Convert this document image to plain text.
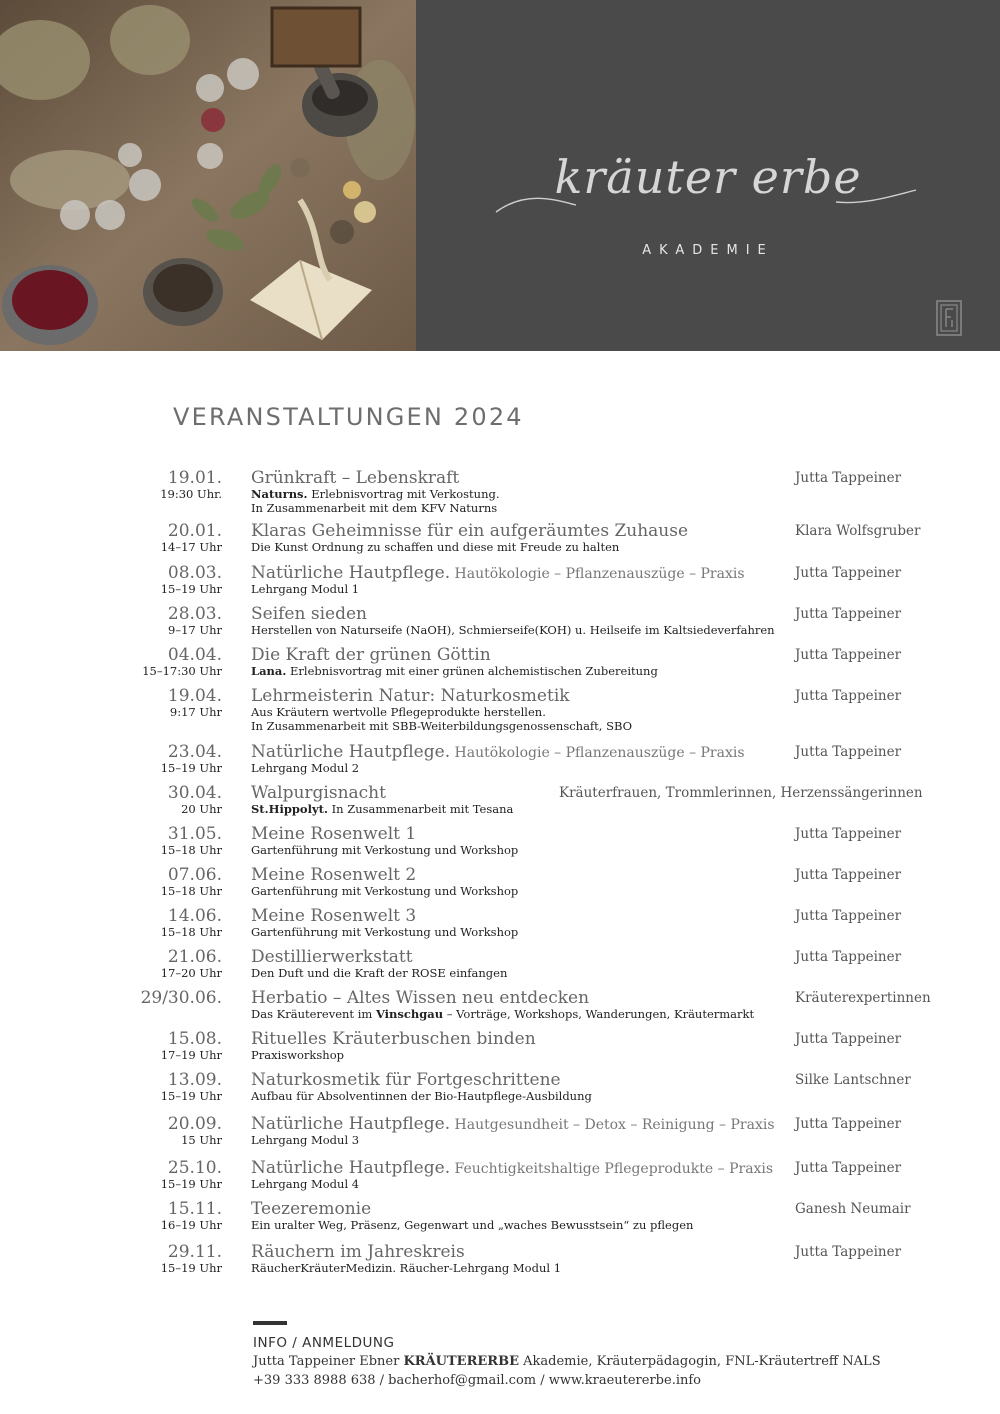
kräuter erbe
AKADEMIE
VERANSTALTUNGEN 2024
19.01.
19:30 Uhr.
Grünkraft – Lebenskraft
Naturns. Erlebnisvortrag mit Verkostung.
In Zusammenarbeit mit dem KFV Naturns
Jutta Tappeiner
20.01.
14–17 Uhr
Klaras Geheimnisse für ein aufgeräumtes Zuhause
Die Kunst Ordnung zu schaffen und diese mit Freude zu halten
Klara Wolfsgruber
08.03.
15–19 Uhr
Natürliche Hautpflege. Hautökologie – Pflanzenauszüge – Praxis
Lehrgang Modul 1
Jutta Tappeiner
28.03.
9–17 Uhr
Seifen sieden
Herstellen von Naturseife (NaOH), Schmierseife(KOH) u. Heilseife im Kaltsiedeverfahren
Jutta Tappeiner
04.04.
15–17:30 Uhr
Die Kraft der grünen Göttin
Lana. Erlebnisvortrag mit einer grünen alchemistischen Zubereitung
Jutta Tappeiner
19.04.
9:17 Uhr
Lehrmeisterin Natur: Naturkosmetik
Aus Kräutern wertvolle Pflegeprodukte herstellen.
In Zusammenarbeit mit SBB-Weiterbildungsgenossenschaft, SBO
Jutta Tappeiner
23.04.
15–19 Uhr
Natürliche Hautpflege. Hautökologie – Pflanzenauszüge – Praxis
Lehrgang Modul 2
Jutta Tappeiner
30.04.
20 Uhr
Walpurgisnacht
St.Hippolyt. In Zusammenarbeit mit Tesana
Kräuterfrauen, Trommlerinnen, Herzenssängerinnen
31.05.
15–18 Uhr
Meine Rosenwelt 1
Gartenführung mit Verkostung und Workshop
Jutta Tappeiner
07.06.
15–18 Uhr
Meine Rosenwelt 2
Gartenführung mit Verkostung und Workshop
Jutta Tappeiner
14.06.
15–18 Uhr
Meine Rosenwelt 3
Gartenführung mit Verkostung und Workshop
Jutta Tappeiner
21.06.
17–20 Uhr
Destillierwerkstatt
Den Duft und die Kraft der ROSE einfangen
Jutta Tappeiner
29/30.06. Herbatio – Altes Wissen neu entdecken
Das Kräuterevent im Vinschgau – Vorträge, Workshops, Wanderungen, Kräutermarkt
Kräuterexpertinnen
15.08.
17–19 Uhr
Rituelles Kräuterbuschen binden
Praxisworkshop
Jutta Tappeiner
13.09.
15–19 Uhr
Naturkosmetik für Fortgeschrittene
Aufbau für Absolventinnen der Bio-Hautpflege-Ausbildung
Silke Lantschner
20.09.
15 Uhr
Natürliche Hautpflege. Hautgesundheit – Detox – Reinigung – Praxis
Lehrgang Modul 3
Jutta Tappeiner
25.10.
15–19 Uhr
Natürliche Hautpflege. Feuchtigkeitshaltige Pflegeprodukte – Praxis
Lehrgang Modul 4
Jutta Tappeiner
15.11.
16–19 Uhr
Teezeremonie
Ein uralter Weg, Präsenz, Gegenwart und „waches Bewusstsein“ zu pflegen
Ganesh Neumair
29.11.
15–19 Uhr
Räuchern im Jahreskreis
RäucherKräuterMedizin. Räucher-Lehrgang Modul 1
Jutta Tappeiner
INFO / ANMELDUNG
Jutta Tappeiner Ebner KRÄUTERERBE Akademie, Kräuterpädagogin, FNL-Kräutertreff NALS
+39 333 8988 638 / bacherhof@gmail.com / www.kraeutererbe.info
